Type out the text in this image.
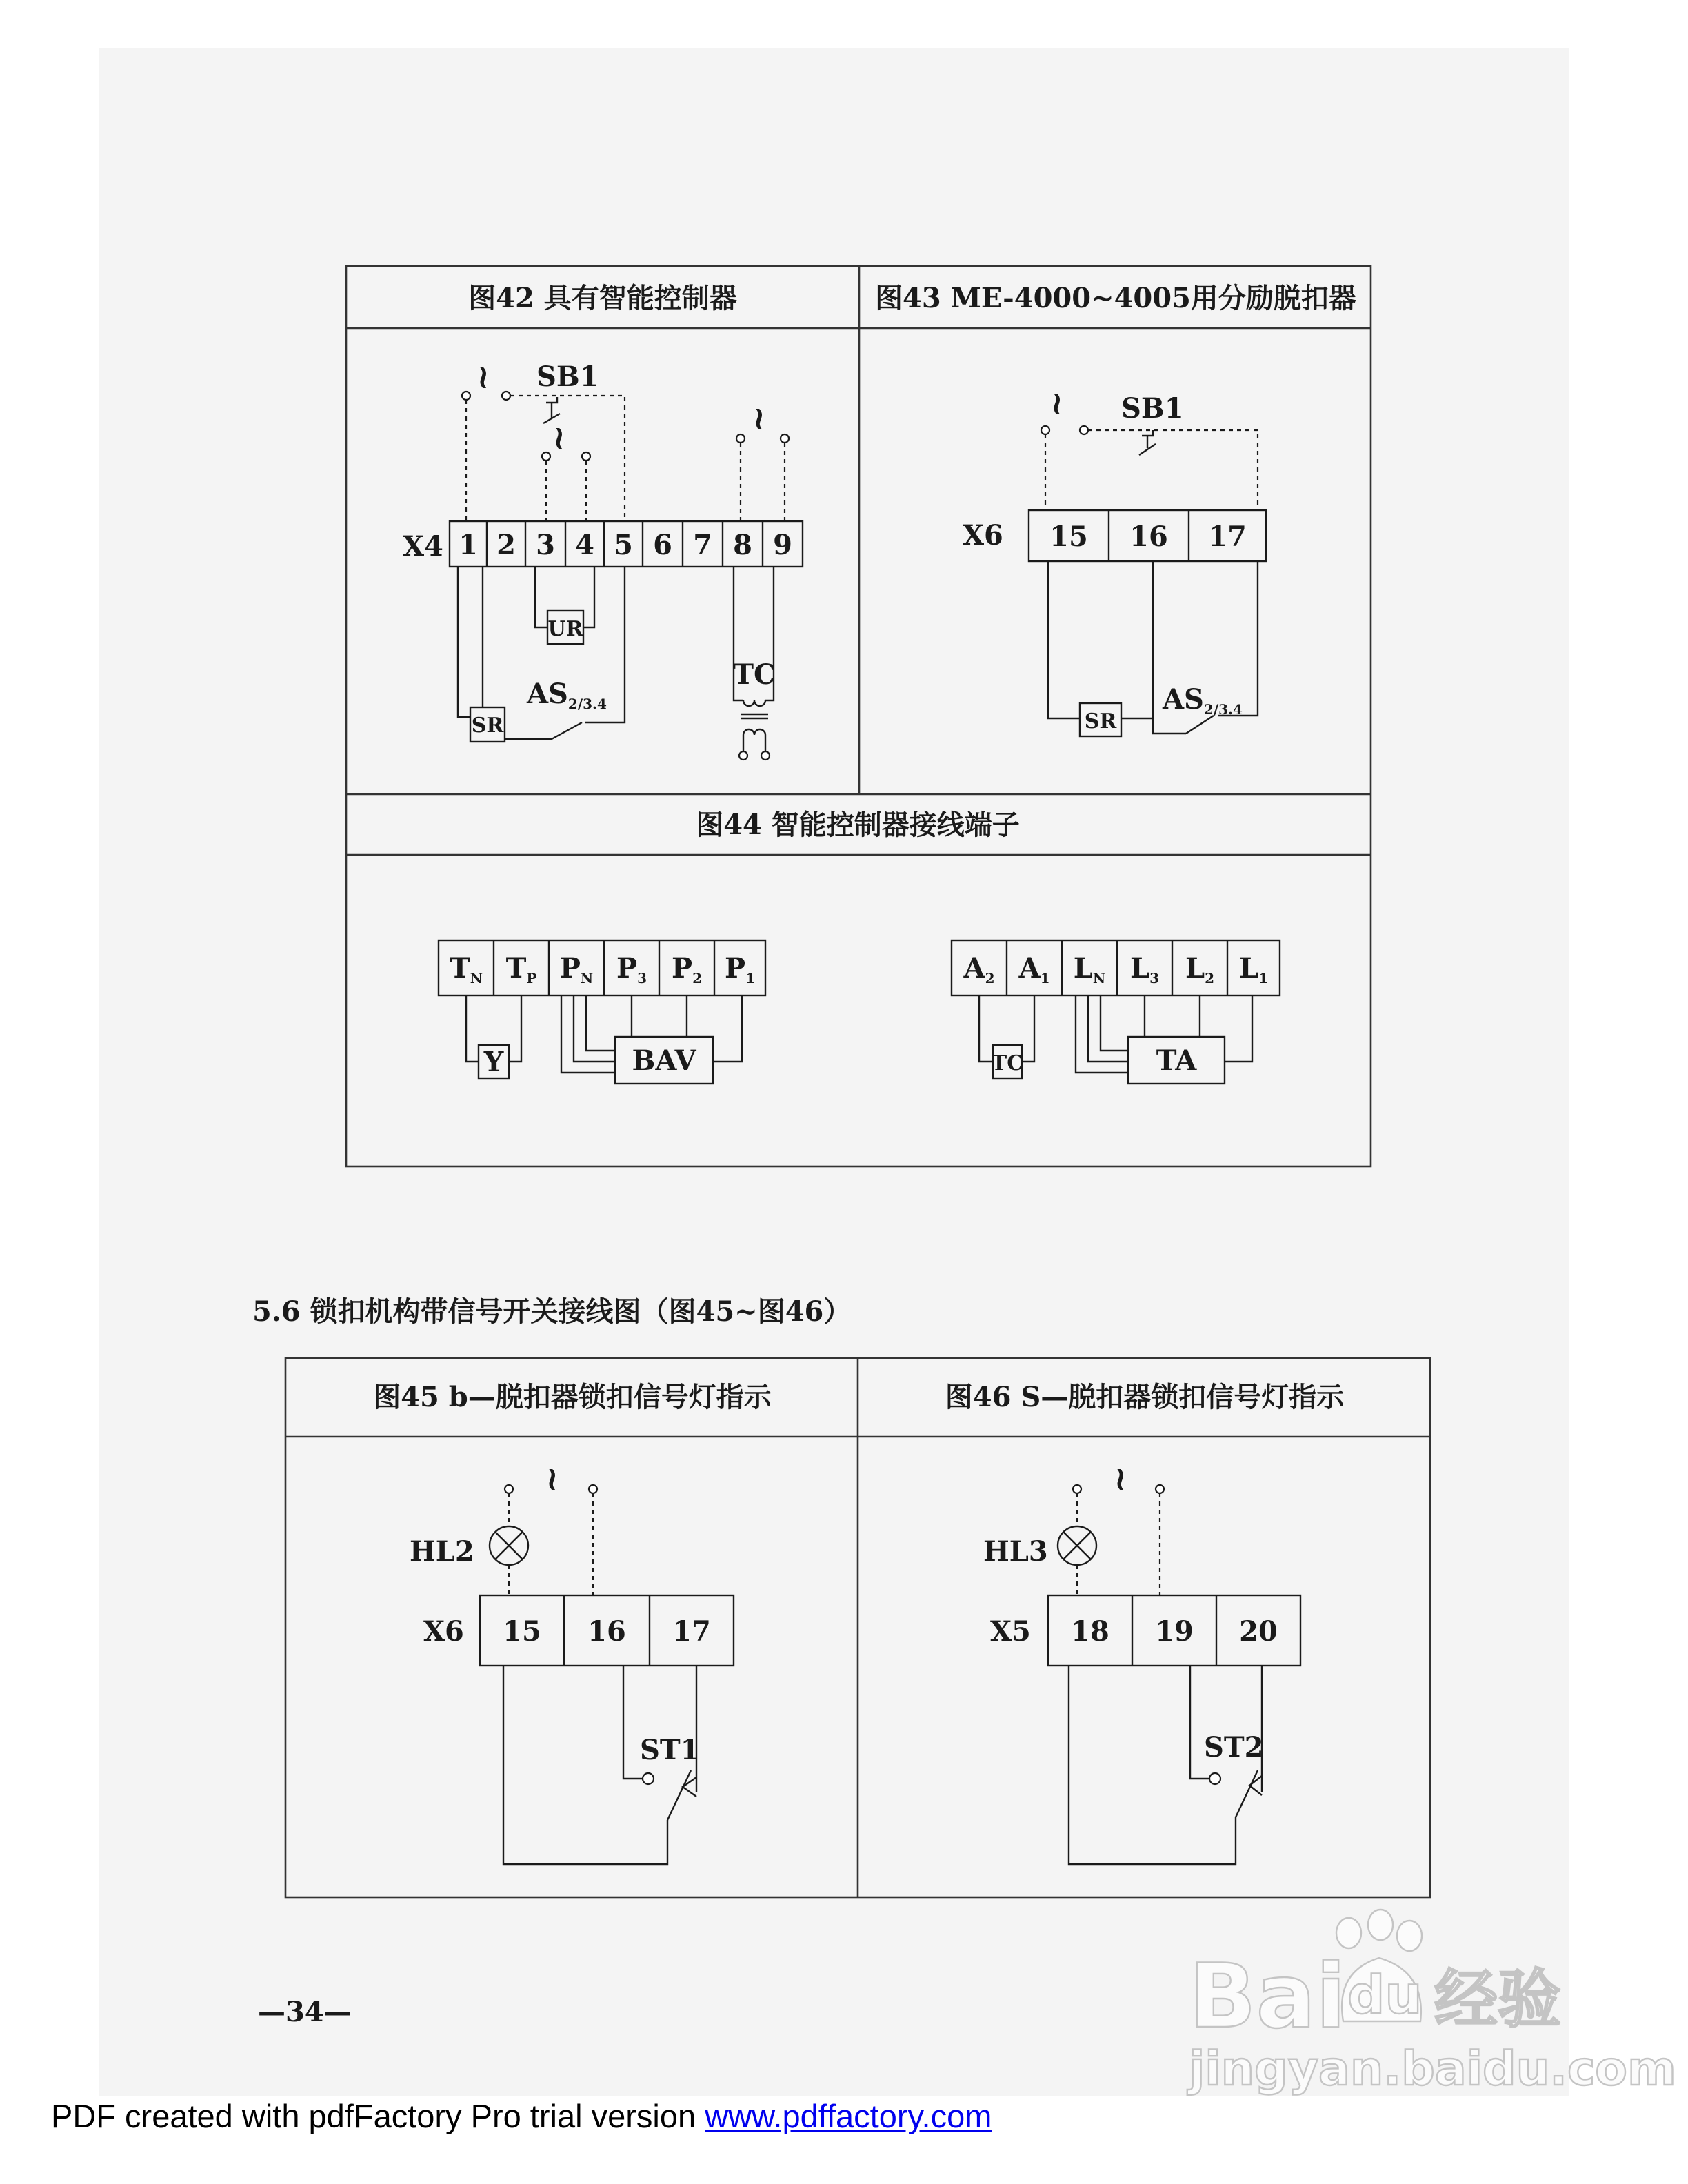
图42 具有智能控制器	图43 ME-4000~4005用分励脱扣器
图44 智能控制器接线端子
~
~
~
SB1
X4 1 2 3 4 5 6 7 8 9
UR
SR
$AS_{2/3.4}$
TC
~	SB1
X6	15	16	17
SR
$AS_{2/3.4}$
$T_N$ $T_P$ $P_N$ $P_3$ $P_2$ $P_1$
Y	BAV
$A_2$ $A_1$ $L_N$ $L_3$ $L_2$ $L_1$
TC	TA
5.6 锁扣机构带信号开关接线图（图45~图46）
图45 b—脱扣器锁扣信号灯指示	图46 S—脱扣器锁扣信号灯指示
~
HL2
X6	15	16	17
ST1
~
HL3
X5	18	19	20
ST2
—34—	Bai du 经验
jingyan.baidu.com
PDF created with pdfFactory Pro trial version www.pdffactory.com
